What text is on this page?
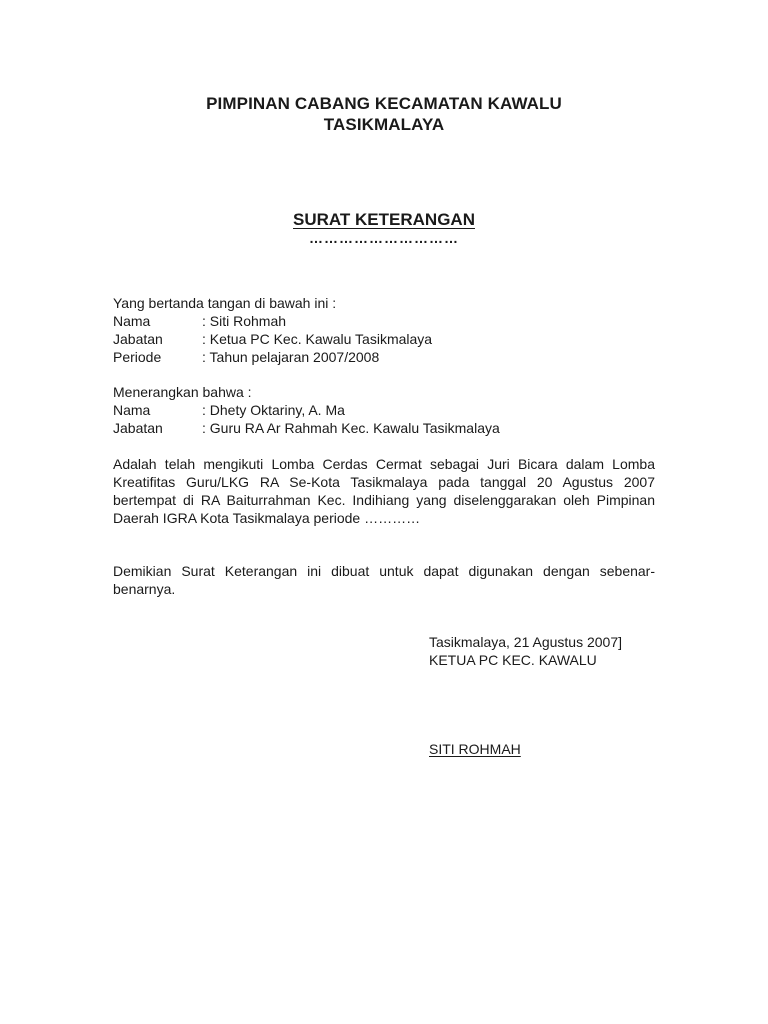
PIMPINAN CABANG KECAMATAN KAWALU
TASIKMALAYA
SURAT KETERANGAN
…………………………
Yang bertanda tangan di bawah ini :
Nama	: Siti Rohmah
Jabatan	: Ketua PC Kec. Kawalu Tasikmalaya
Periode	: Tahun pelajaran 2007/2008
Menerangkan bahwa :
Nama	: Dhety Oktariny, A. Ma
Jabatan	: Guru RA Ar Rahmah Kec. Kawalu Tasikmalaya
Adalah telah mengikuti Lomba Cerdas Cermat sebagai Juri Bicara dalam Lomba Kreatifitas Guru/LKG RA Se-Kota Tasikmalaya pada tanggal 20 Agustus 2007 bertempat di RA Baiturrahman Kec. Indihiang yang diselenggarakan oleh Pimpinan Daerah IGRA Kota Tasikmalaya periode …………
Demikian Surat Keterangan ini dibuat untuk dapat digunakan dengan sebenar-benarnya.
Tasikmalaya, 21 Agustus 2007]
KETUA PC KEC. KAWALU
SITI ROHMAH
